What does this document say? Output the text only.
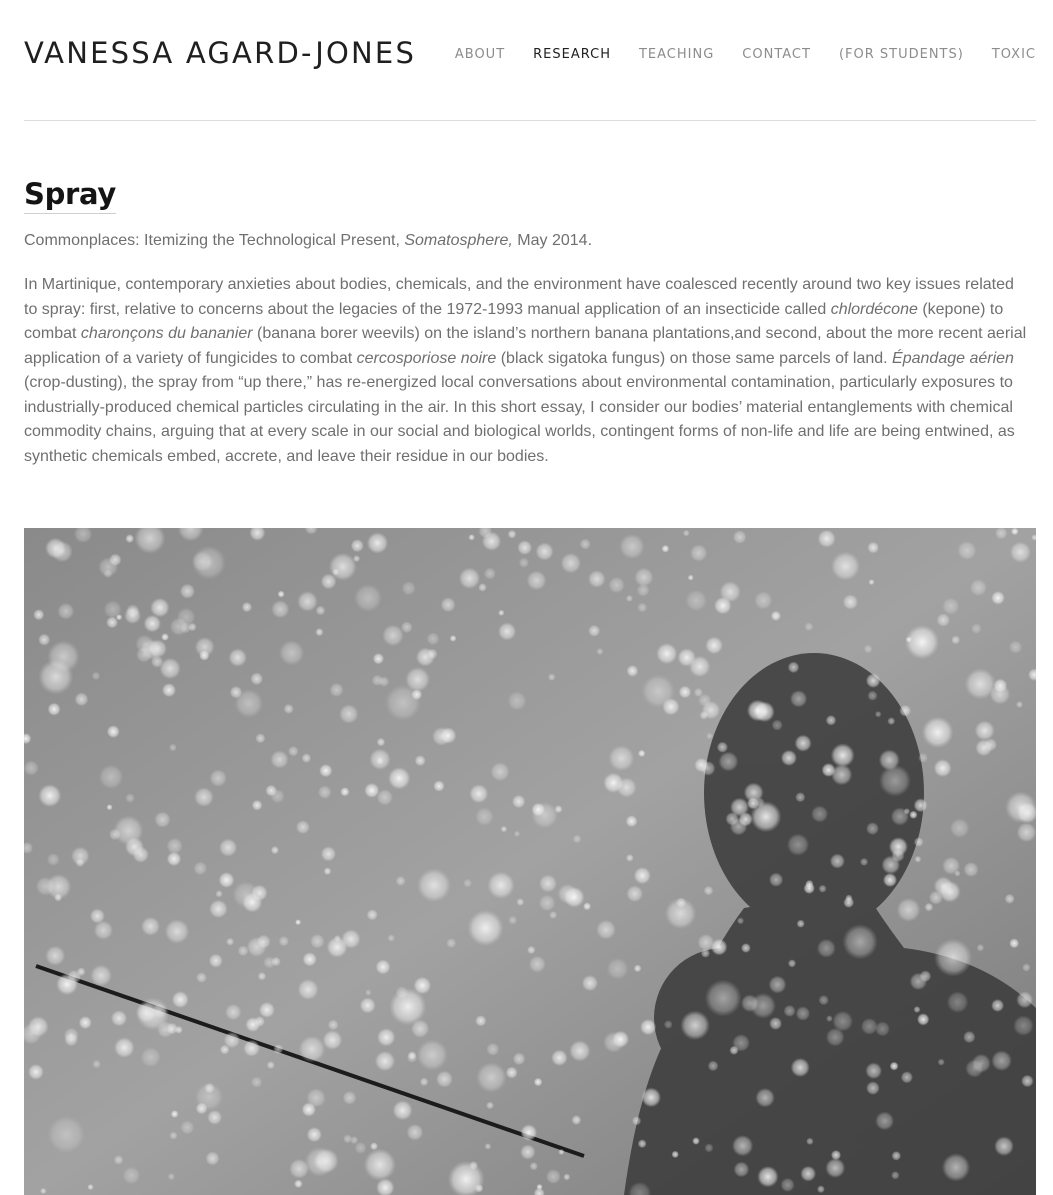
VANESSA AGARD-JONES	ABOUT RESEARCH TEACHING CONTACT (FOR STUDENTS) TOXIC
Spray

Commonplaces: Itemizing the Technological Present, Somatosphere, May 2014.

In Martinique, contemporary anxieties about bodies, chemicals, and the environment have coalesced recently around two key issues related to spray: first, relative to concerns about the legacies of the 1972-1993 manual application of an insecticide called chlordécone (kepone) to combat charonçons du bananier (banana borer weevils) on the island’s northern banana plantations,and second, about the more recent aerial application of a variety of fungicides to combat cercosporiose noire (black sigatoka fungus) on those same parcels of land. Épandage aérien (crop-dusting), the spray from “up there,” has re-energized local conversations about environmental contamination, particularly exposures to industrially-produced chemical particles circulating in the air. In this short essay, I consider our bodies’ material entanglements with chemical commodity chains, arguing that at every scale in our social and biological worlds, contingent forms of non-life and life are being entwined, as synthetic chemicals embed, accrete, and leave their residue in our bodies.
